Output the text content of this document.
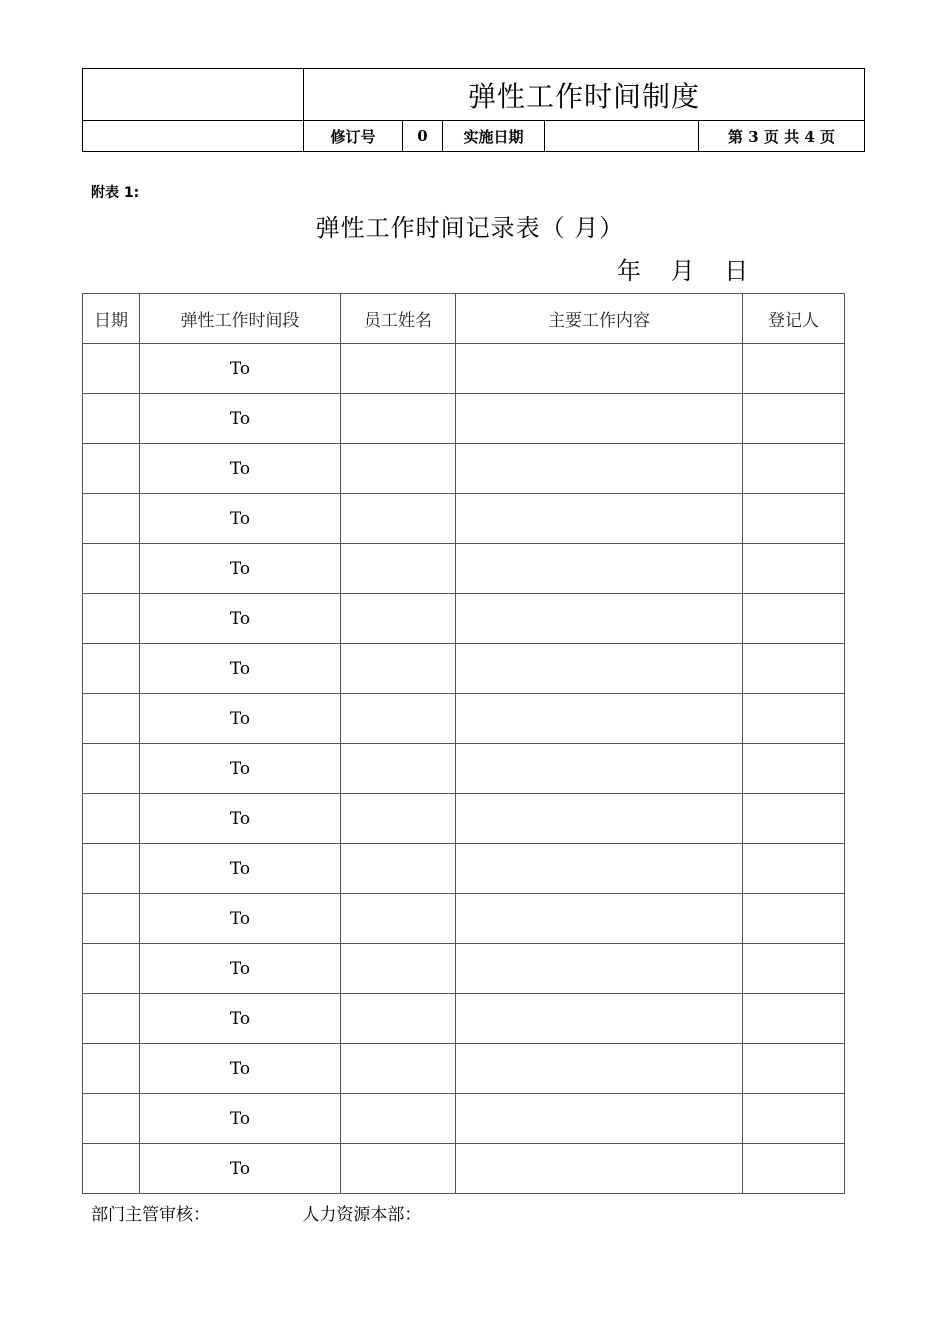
	弹性工作时间制度				
	修订号	0	实施日期		第 3 页 共 4 页
附表 1:
弹性工作时间记录表（ 月）
年 月 日
日期	弹性工作时间段	员工姓名	主要工作内容	登记人
	To			
	To			
	To			
	To			
	To			
	To			
	To			
	To			
	To			
	To			
	To			
	To			
	To			
	To			
	To			
	To			
	To			
部门主管审核：	人力资源本部：
